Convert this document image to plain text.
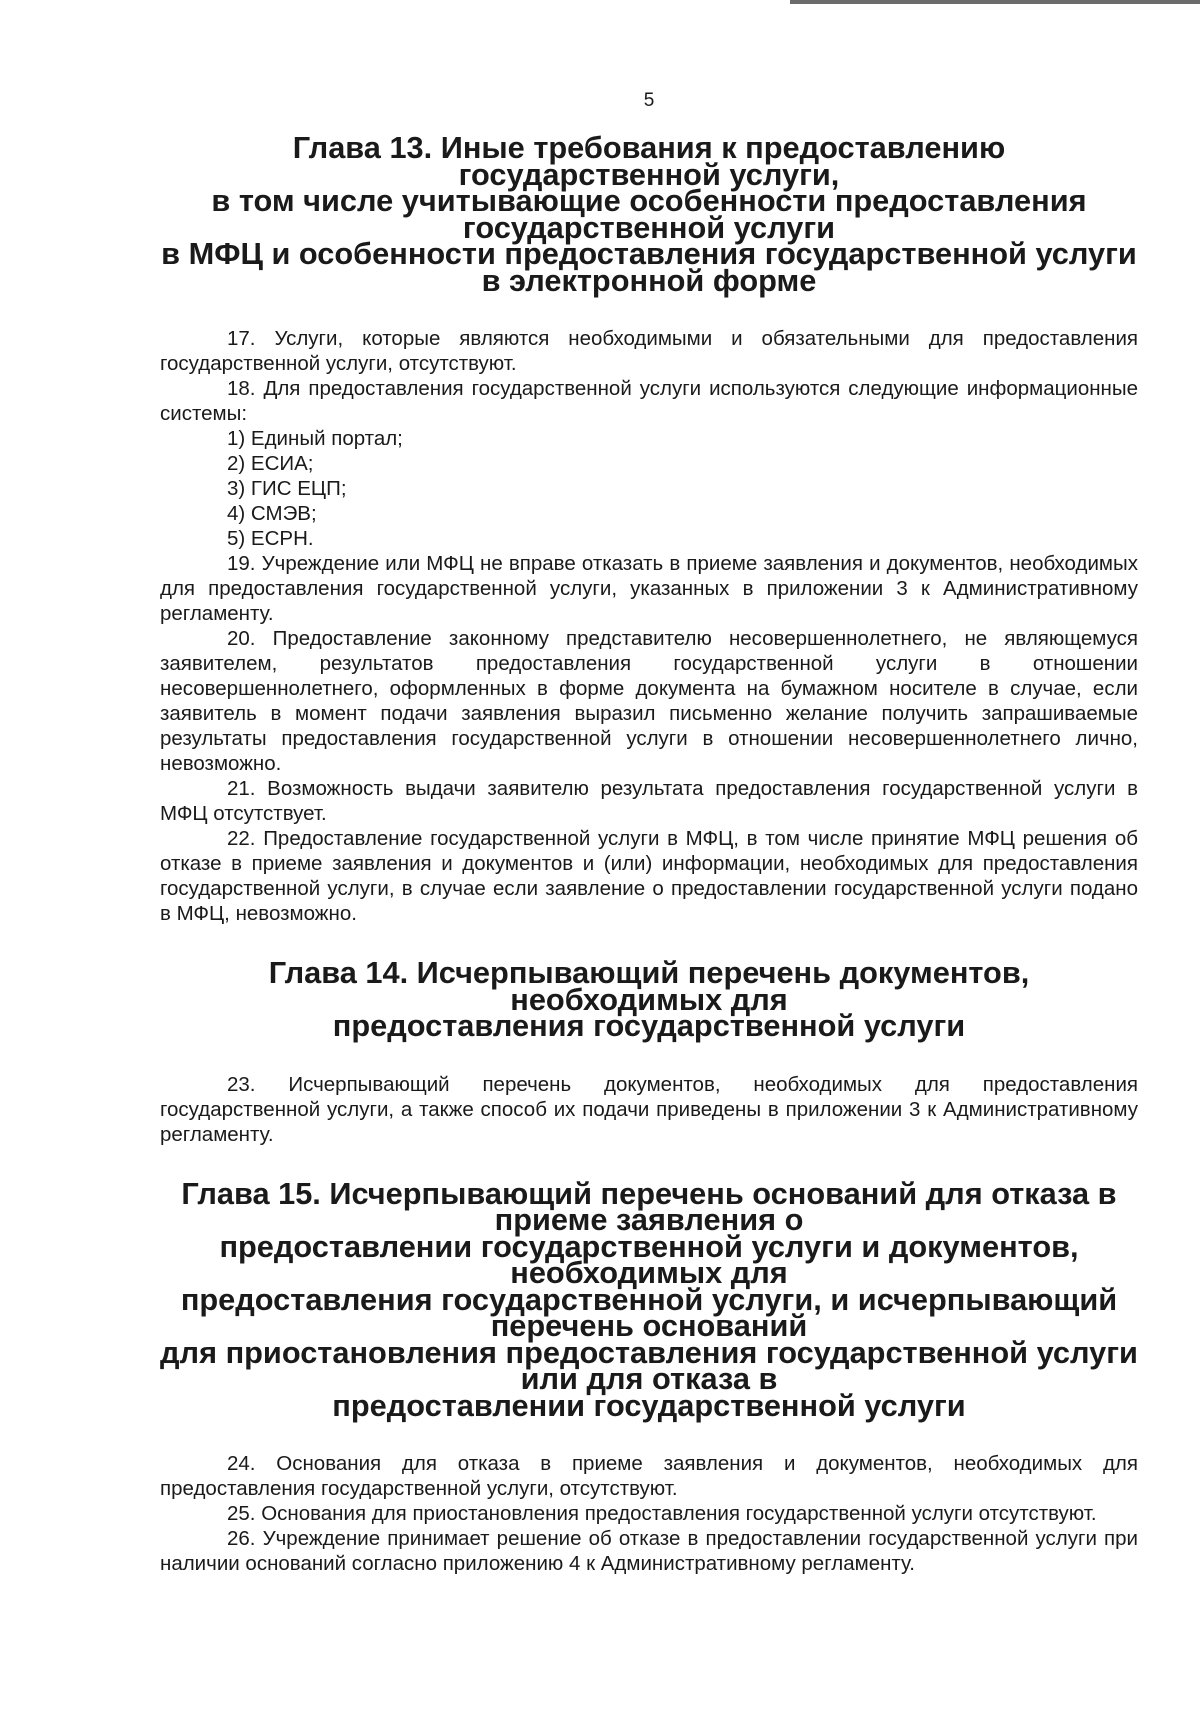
5
Глава 13. Иные требования к предоставлению государственной услуги,
в том числе учитывающие особенности предоставления государственной услуги
в МФЦ и особенности предоставления государственной услуги
в электронной форме

17. Услуги, которые являются необходимыми и обязательными для предоставления государственной услуги, отсутствуют.

18. Для предоставления государственной услуги используются следующие информационные системы:

1) Единый портал;
2) ЕСИА;
3) ГИС ЕЦП;
4) СМЭВ;
5) ЕСРН.

19. Учреждение или МФЦ не вправе отказать в приеме заявления и документов, необходимых для предоставления государственной услуги, указанных в приложении 3 к Административному регламенту.

20. Предоставление законному представителю несовершеннолетнего, не являющемуся заявителем, результатов предоставления государственной услуги в отношении несовершеннолетнего, оформленных в форме документа на бумажном носителе в случае, если заявитель в момент подачи заявления выразил письменно желание получить запрашиваемые результаты предоставления государственной услуги в отношении несовершеннолетнего лично, невозможно.

21. Возможность выдачи заявителю результата предоставления государственной услуги в МФЦ отсутствует.

22. Предоставление государственной услуги в МФЦ, в том числе принятие МФЦ решения об отказе в приеме заявления и документов и (или) информации, необходимых для предоставления государственной услуги, в случае если заявление о предоставлении государственной услуги подано в МФЦ, невозможно.

Глава 14. Исчерпывающий перечень документов, необходимых для
предоставления государственной услуги

23. Исчерпывающий перечень документов, необходимых для предоставления государственной услуги, а также способ их подачи приведены в приложении 3 к Административному регламенту.

Глава 15. Исчерпывающий перечень оснований для отказа в приеме заявления о
предоставлении государственной услуги и документов, необходимых для
предоставления государственной услуги, и исчерпывающий перечень оснований
для приостановления предоставления государственной услуги или для отказа в
предоставлении государственной услуги

24. Основания для отказа в приеме заявления и документов, необходимых для предоставления государственной услуги, отсутствуют.

25. Основания для приостановления предоставления государственной услуги отсутствуют.

26. Учреждение принимает решение об отказе в предоставлении государственной услуги при наличии оснований согласно приложению 4 к Административному регламенту.
